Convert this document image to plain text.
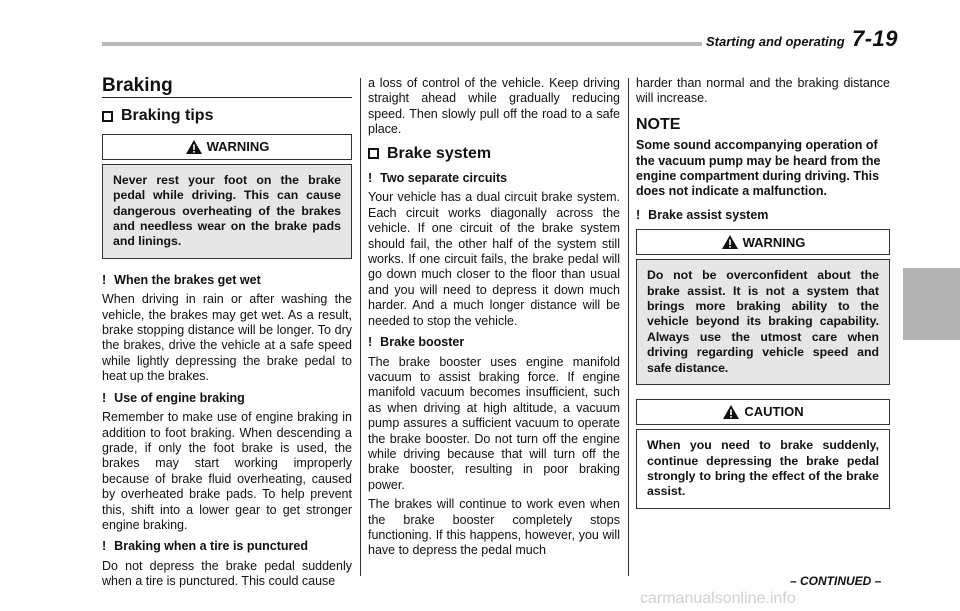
Starting and operating 7-19
Braking
Braking tips
WARNING
Never rest your foot on the brake pedal while driving. This can cause dangerous overheating of the brakes and needless wear on the brake pads and linings.
! When the brakes get wet

When driving in rain or after washing the vehicle, the brakes may get wet. As a result, brake stopping distance will be longer. To dry the brakes, drive the vehicle at a safe speed while lightly depressing the brake pedal to heat up the brakes.

! Use of engine braking

Remember to make use of engine braking in addition to foot braking. When descending a grade, if only the foot brake is used, the brakes may start working improperly because of brake fluid overheating, caused by overheated brake pads. To help prevent this, shift into a lower gear to get stronger engine braking.

! Braking when a tire is punctured

Do not depress the brake pedal suddenly when a tire is punctured. This could cause

a loss of control of the vehicle. Keep driving straight ahead while gradually reducing speed. Then slowly pull off the road to a safe place.

Brake system
! Two separate circuits

Your vehicle has a dual circuit brake system. Each circuit works diagonally across the vehicle. If one circuit of the brake system should fail, the other half of the system still works. If one circuit fails, the brake pedal will go down much closer to the floor than usual and you will need to depress it down much harder. And a much longer distance will be needed to stop the vehicle.

! Brake booster

The brake booster uses engine manifold vacuum to assist braking force. If engine manifold vacuum becomes insufficient, such as when driving at high altitude, a vacuum pump assures a sufficient vacuum to operate the brake booster. Do not turn off the engine while driving because that will turn off the brake booster, resulting in poor braking power.

The brakes will continue to work even when the brake booster completely stops functioning. If this happens, however, you will have to depress the pedal much

harder than normal and the braking distance will increase.

NOTE

Some sound accompanying operation of the vacuum pump may be heard from the engine compartment during driving. This does not indicate a malfunction.

! Brake assist system
WARNING
Do not be overconfident about the brake assist. It is not a system that brings more braking ability to the vehicle beyond its braking capability. Always use the utmost care when driving regarding vehicle speed and safe distance.
CAUTION
When you need to brake suddenly, continue depressing the brake pedal strongly to bring the effect of the brake assist.
– CONTINUED –
carmanualsonline.info
